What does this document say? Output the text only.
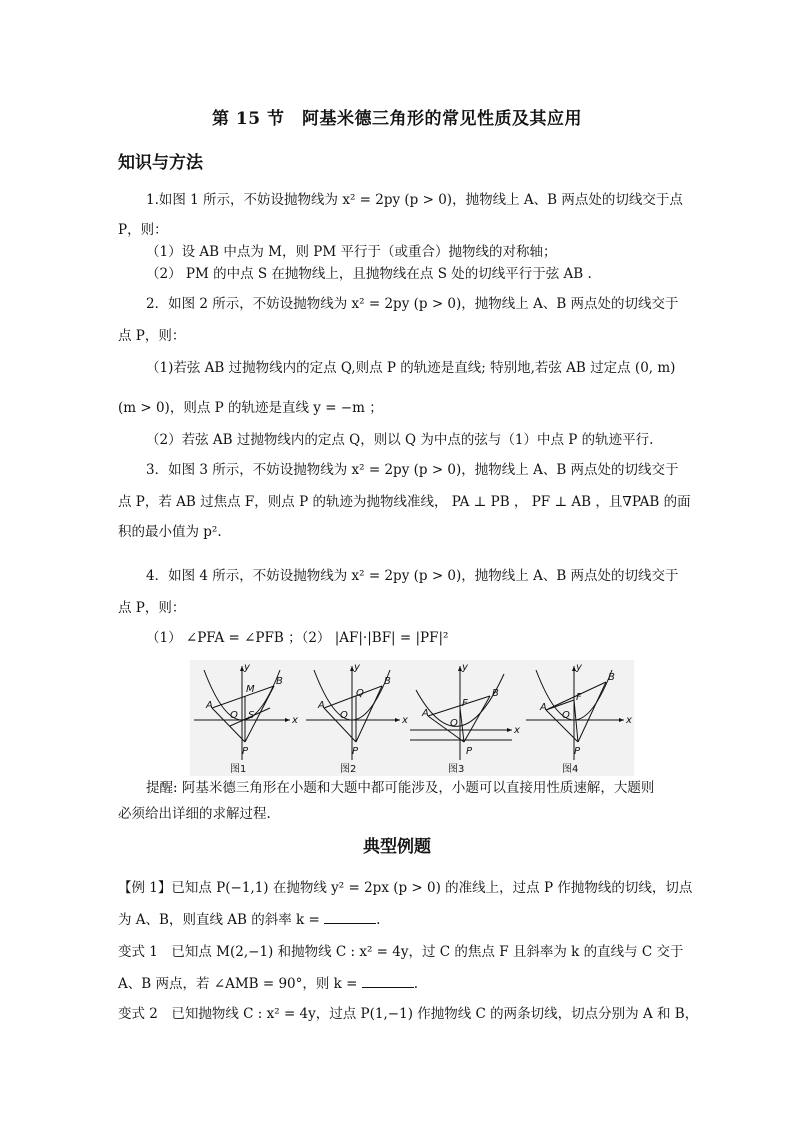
第 15 节　阿基米德三角形的常见性质及其应用
知识与方法
1.如图 1 所示，不妨设抛物线为 x² = 2py (p > 0)，抛物线上 A、B 两点处的切线交于点
P，则：
（1）设 AB 中点为 M，则 PM 平行于（或重合）抛物线的对称轴；
（2） PM 的中点 S 在抛物线上，且抛物线在点 S 处的切线平行于弦 AB .
2．如图 2 所示，不妨设抛物线为 x² = 2py (p > 0)，抛物线上 A、B 两点处的切线交于
点 P，则：
（1)若弦 AB 过抛物线内的定点 Q,则点 P 的轨迹是直线; 特别地,若弦 AB 过定点 (0, m)
(m > 0)，则点 P 的轨迹是直线 y = −m ；
（2）若弦 AB 过抛物线内的定点 Q，则以 Q 为中点的弦与（1）中点 P 的轨迹平行.
3．如图 3 所示，不妨设抛物线为 x² = 2py (p > 0)，抛物线上 A、B 两点处的切线交于
点 P，若 AB 过焦点 F，则点 P 的轨迹为抛物线准线， PA ⊥ PB ， PF ⊥ AB ，且∇PAB 的面
积的最小值为 p².
4．如图 4 所示，不妨设抛物线为 x² = 2py (p > 0)，抛物线上 A、B 两点处的切线交于
点 P，则：
（1） ∠PFA = ∠PFB ；（2） |AF|·|BF| = |PF|²
A
B
M
O S
P
y
x
图1
A
B
Q
O
P
y
x
图2
A
B
F
O
P
y
x
图3
A
B
F
O
P
y
x
图4
提醒: 阿基米德三角形在小题和大题中都可能涉及，小题可以直接用性质速解，大题则
必须给出详细的求解过程.
典型例题
【例 1】已知点 P(−1,1) 在抛物线 y² = 2px (p > 0) 的准线上，过点 P 作抛物线的切线，切点
为 A、B，则直线 AB 的斜率 k =	.
变式 1　已知点 M(2,−1) 和抛物线 C : x² = 4y，过 C 的焦点 F 且斜率为 k 的直线与 C 交于
A、B 两点，若 ∠AMB = 90°，则 k =	.
变式 2　已知抛物线 C : x² = 4y，过点 P(1,−1) 作抛物线 C 的两条切线，切点分别为 A 和 B，
